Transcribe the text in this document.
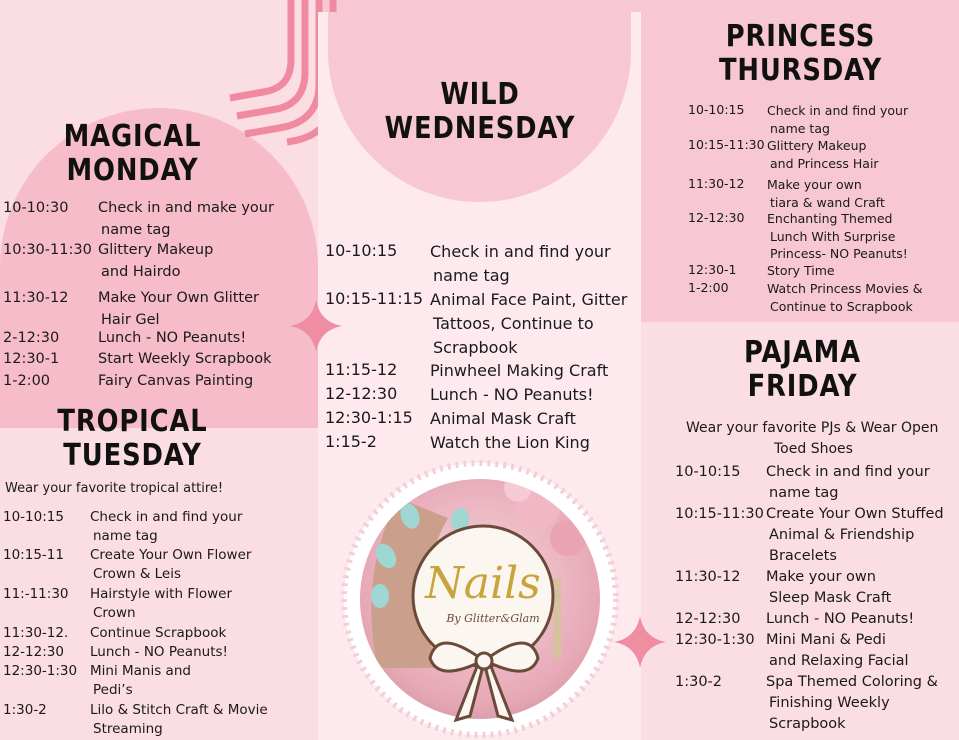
MAGICAL
MONDAY
10-10:30 Check in and make your
name tag
10:30-11:30 Glittery Makeup
and Hairdo
11:30-12 Make Your Own Glitter
Hair Gel
2-12:30	Lunch - NO Peanuts!
12:30-1	Start Weekly Scrapbook
1-2:00	Fairy Canvas Painting
TROPICAL
TUESDAY
Wear your favorite tropical attire!
10-10:15 Check in and find your
name tag
10:15-11 Create Your Own Flower
Crown & Leis
11:-11:30 Hairstyle with Flower
Crown
11:30-12. Continue Scrapbook
12-12:30 Lunch - NO Peanuts!
12:30-1:30 Mini Manis and
Pedi’s
1:30-2	Lilo & Stitch Craft & Movie
Streaming
WILD
WEDNESDAY
10-10:15 Check in and find your
name tag
10:15-11:15 Animal Face Paint, Gitter
Tattoos, Continue to
Scrapbook
11:15-12 Pinwheel Making Craft
12-12:30 Lunch - NO Peanuts!
12:30-1:15 Animal Mask Craft
1:15-2	Watch the Lion King
Nails
By Glitter&Glam
PRINCESS
THURSDAY
10-10:15 Check in and find your
name tag
10:15-11:30 Glittery Makeup
and Princess Hair
11:30-12 Make your own
tiara & wand Craft
12-12:30 Enchanting Themed
Lunch With Surprise
Princess- NO Peanuts!
12:30-1 Story Time
1-2:00	Watch Princess Movies &
Continue to Scrapbook
PAJAMA
FRIDAY
Wear your favorite PJs & Wear Open
Toed Shoes
10-10:15 Check in and find your
name tag
10:15-11:30 Create Your Own Stuffed
Animal & Friendship
Bracelets
11:30-12 Make your own
Sleep Mask Craft
12-12:30 Lunch - NO Peanuts!
12:30-1:30 Mini Mani & Pedi
and Relaxing Facial
1:30-2	Spa Themed Coloring &
Finishing Weekly
Scrapbook
